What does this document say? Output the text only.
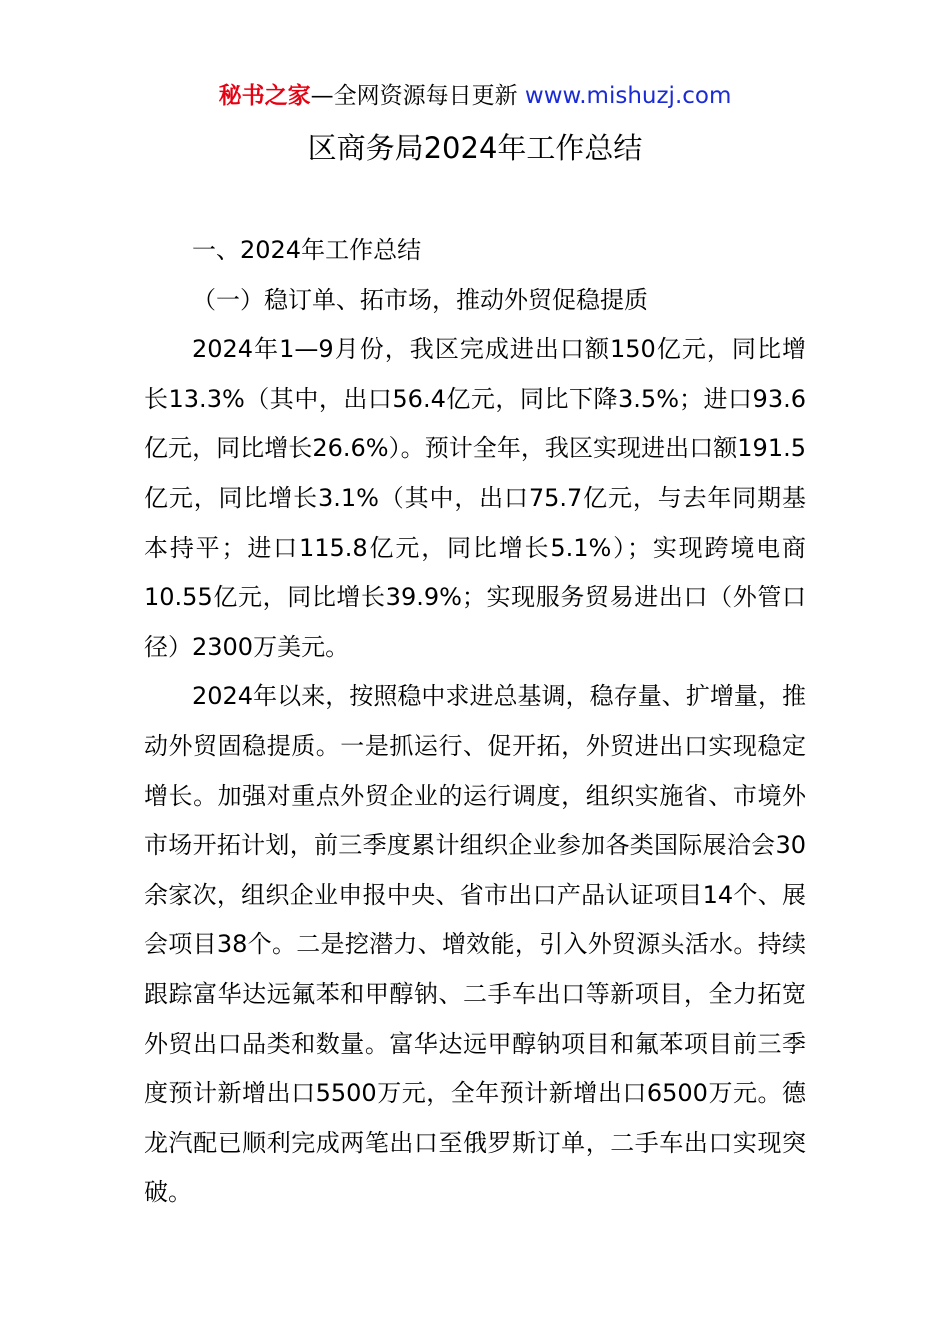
秘书之家—全网资源每日更新 www.mishuzj.com
区商务局2024年工作总结

一、2024年工作总结

（一）稳订单、拓市场，推动外贸促稳提质

2024年1—9月份，我区完成进出口额150亿元，同比增长13.3%（其中，出口56.4亿元，同比下降3.5%；进口93.6亿元，同比增长26.6%）。预计全年，我区实现进出口额191.5亿元，同比增长3.1%（其中，出口75.7亿元，与去年同期基本持平；进口115.8亿元，同比增长5.1%）；实现跨境电商10.55亿元，同比增长39.9%；实现服务贸易进出口（外管口径）2300万美元。

2024年以来，按照稳中求进总基调，稳存量、扩增量，推动外贸固稳提质。一是抓运行、促开拓，外贸进出口实现稳定增长。加强对重点外贸企业的运行调度，组织实施省、市境外市场开拓计划，前三季度累计组织企业参加各类国际展洽会30余家次，组织企业申报中央、省市出口产品认证项目14个、展会项目38个。二是挖潜力、增效能，引入外贸源头活水。持续跟踪富华达远氟苯和甲醇钠、二手车出口等新项目，全力拓宽外贸出口品类和数量。富华达远甲醇钠项目和氟苯项目前三季度预计新增出口5500万元，全年预计新增出口6500万元。德龙汽配已顺利完成两笔出口至俄罗斯订单，二手车出口实现突破。
